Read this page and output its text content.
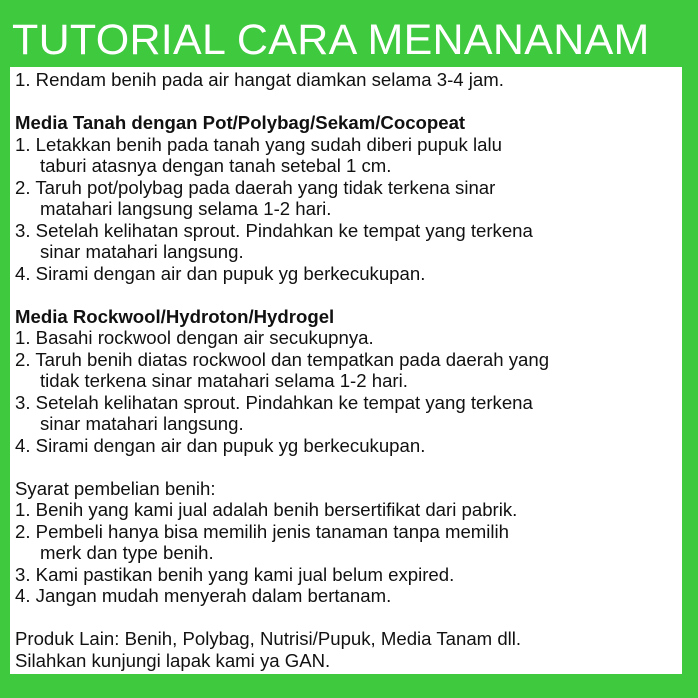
TUTORIAL CARA MENANANAM
1. Rendam benih pada air hangat diamkan selama 3-4 jam.
Media Tanah dengan Pot/Polybag/Sekam/Cocopeat
1. Letakkan benih pada tanah yang sudah diberi pupuk lalu
taburi atasnya dengan tanah setebal 1 cm.
2. Taruh pot/polybag pada daerah yang tidak terkena sinar
matahari langsung selama 1-2 hari.
3. Setelah kelihatan sprout. Pindahkan ke tempat yang terkena
sinar matahari langsung.
4. Sirami dengan air dan pupuk yg berkecukupan.
Media Rockwool/Hydroton/Hydrogel
1. Basahi rockwool dengan air secukupnya.
2. Taruh benih diatas rockwool dan tempatkan pada daerah yang
tidak terkena sinar matahari selama 1-2 hari.
3. Setelah kelihatan sprout. Pindahkan ke tempat yang terkena
sinar matahari langsung.
4. Sirami dengan air dan pupuk yg berkecukupan.
Syarat pembelian benih:
1. Benih yang kami jual adalah benih bersertifikat dari pabrik.
2. Pembeli hanya bisa memilih jenis tanaman tanpa memilih
merk dan type benih.
3. Kami pastikan benih yang kami jual belum expired.
4. Jangan mudah menyerah dalam bertanam.
Produk Lain: Benih, Polybag, Nutrisi/Pupuk, Media Tanam dll.
Silahkan kunjungi lapak kami ya GAN.
